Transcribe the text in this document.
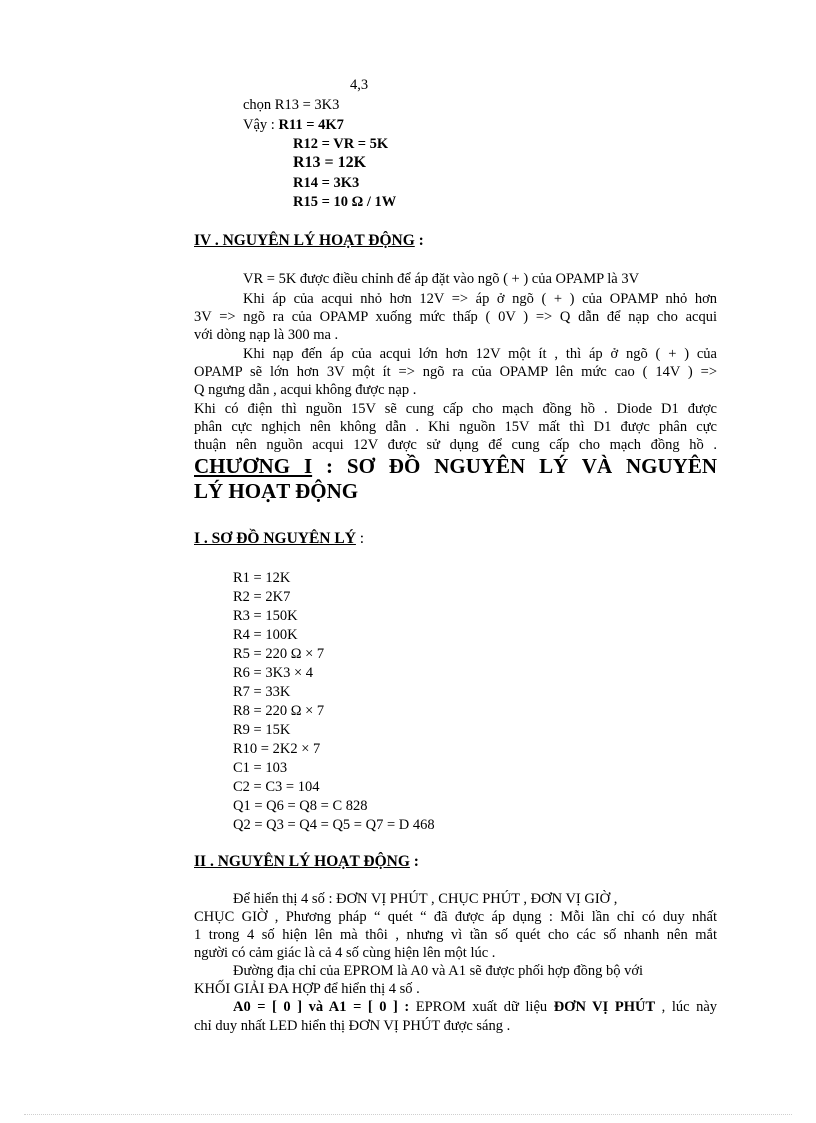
4,3
chọn R13 = 3K3
Vậy : R11 = 4K7
R12 = VR = 5K
R13 = 12K
R14 = 3K3
R15 = 10 Ω / 1W
IV . NGUYÊN LÝ HOẠT ĐỘNG :
VR = 5K được điều chỉnh để áp đặt vào ngõ ( + ) của OPAMP là 3V
Khi áp của acqui nhỏ hơn 12V => áp ở ngõ ( + ) của OPAMP nhỏ hơn
3V => ngõ ra của OPAMP xuống mức thấp ( 0V ) => Q dẫn để nạp cho acqui
với dòng nạp là 300 ma .
Khi nạp đến áp của acqui lớn hơn 12V một ít , thì áp ở ngõ ( + ) của
OPAMP sẽ lớn hơn 3V một ít => ngõ ra của OPAMP lên mức cao ( 14V ) =>
Q ngưng dẫn , acqui không được nạp .
Khi có điện thì nguồn 15V sẽ cung cấp cho mạch đồng hồ . Diode D1 được
phân cực nghịch nên không dẫn . Khi nguồn 15V mất thì D1 được phân cực
thuận nên nguồn acqui 12V được sử dụng để cung cấp cho mạch đồng hồ .
CHƯƠNG I : SƠ ĐỒ NGUYÊN LÝ VÀ NGUYÊN
LÝ HOẠT ĐỘNG
I . SƠ ĐỒ NGUYÊN LÝ :
R1 = 12K
R2 = 2K7
R3 = 150K
R4 = 100K
R5 = 220 Ω × 7
R6 = 3K3 × 4
R7 = 33K
R8 = 220 Ω × 7
R9 = 15K
R10 = 2K2 × 7
C1 = 103
C2 = C3 = 104
Q1 = Q6 = Q8 = C 828
Q2 = Q3 = Q4 = Q5 = Q7 = D 468
II . NGUYÊN LÝ HOẠT ĐỘNG :
Để hiển thị 4 số : ĐƠN VỊ PHÚT , CHỤC PHÚT , ĐƠN VỊ GIỜ ,
CHỤC GIỜ , Phương pháp “ quét “ đã được áp dụng : Mỗi lần chỉ có duy nhất
1 trong 4 số hiện lên mà thôi , nhưng vì tần số quét cho các số nhanh nên mắt
người có cảm giác là cả 4 số cùng hiện lên một lúc .
Đường địa chỉ của EPROM là A0 và A1 sẽ được phối hợp đồng bộ với
KHỐI GIẢI ĐA HỢP để hiển thị 4 số .
A0 = [ 0 ] và A1 = [ 0 ] : EPROM xuất dữ liệu ĐƠN VỊ PHÚT , lúc này
chỉ duy nhất LED hiển thị ĐƠN VỊ PHÚT được sáng .
